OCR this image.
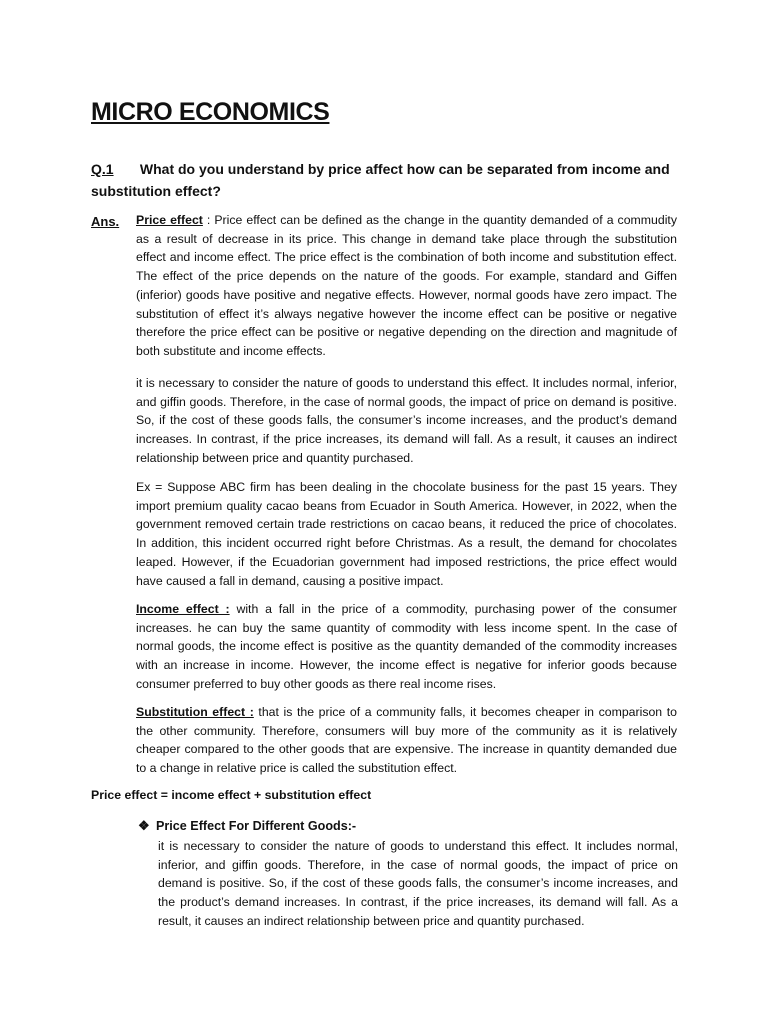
MICRO ECONOMICS

Q.1 What do you understand by price affect how can be separated from income and substitution effect?

Ans. Price effect : Price effect can be defined as the change in the quantity demanded of a commudity as a result of decrease in its price. This change in demand take place through the substitution effect and income effect. The price effect is the combination of both income and substitution effect. The effect of the price depends on the nature of the goods. For example, standard and Giffen (inferior) goods have positive and negative effects. However, normal goods have zero impact. The substitution of effect it’s always negative however the income effect can be positive or negative therefore the price effect can be positive or negative depending on the direction and magnitude of both substitute and income effects.

it is necessary to consider the nature of goods to understand this effect. It includes normal, inferior, and giffin goods. Therefore, in the case of normal goods, the impact of price on demand is positive. So, if the cost of these goods falls, the consumer’s income increases, and the product’s demand increases. In contrast, if the price increases, its demand will fall. As a result, it causes an indirect relationship between price and quantity purchased.

Ex = Suppose ABC firm has been dealing in the chocolate business for the past 15 years. They import premium quality cacao beans from Ecuador in South America. However, in 2022, when the government removed certain trade restrictions on cacao beans, it reduced the price of chocolates. In addition, this incident occurred right before Christmas. As a result, the demand for chocolates leaped. However, if the Ecuadorian government had imposed restrictions, the price effect would have caused a fall in demand, causing a positive impact.

Income effect : with a fall in the price of a commodity, purchasing power of the consumer increases. he can buy the same quantity of commodity with less income spent. In the case of normal goods, the income effect is positive as the quantity demanded of the commodity increases with an increase in income. However, the income effect is negative for inferior goods because consumer preferred to buy other goods as there real income rises.

Substitution effect : that is the price of a community falls, it becomes cheaper in comparison to the other community. Therefore, consumers will buy more of the community as it is relatively cheaper compared to the other goods that are expensive. The increase in quantity demanded due to a change in relative price is called the substitution effect.

Price effect = income effect + substitution effect
❖ Price Effect For Different Goods:-

it is necessary to consider the nature of goods to understand this effect. It includes normal, inferior, and giffin goods. Therefore, in the case of normal goods, the impact of price on demand is positive. So, if the cost of these goods falls, the consumer’s income increases, and the product’s demand increases. In contrast, if the price increases, its demand will fall. As a result, it causes an indirect relationship between price and quantity purchased.
